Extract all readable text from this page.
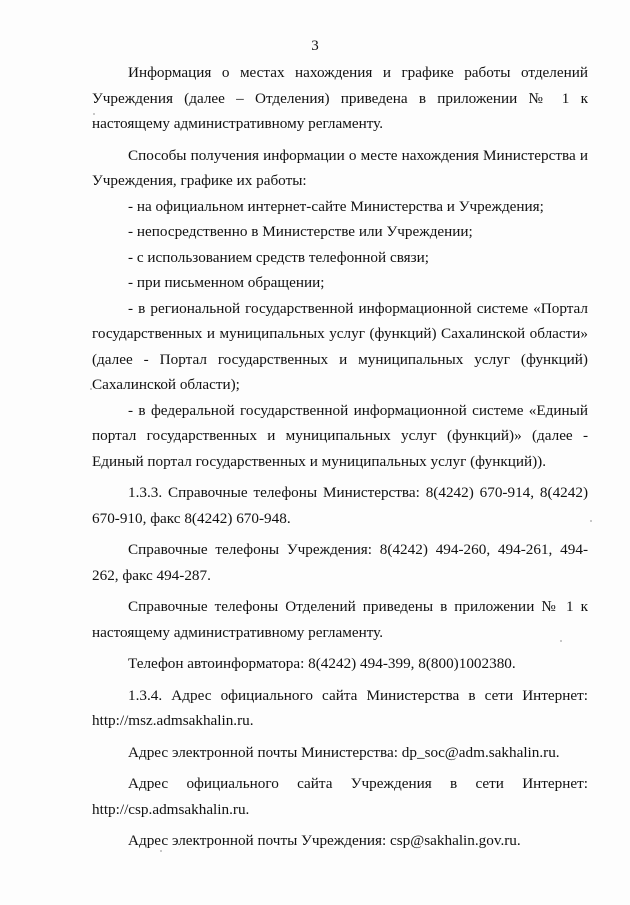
3

Информация о местах нахождения и графике работы отделений Учреждения (далее – Отделения) приведена в приложении № 1 к настоящему административному регламенту.

Способы получения информации о месте нахождения Министерства и Учреждения, графике их работы:

- на официальном интернет-сайте Министерства и Учреждения;

- непосредственно в Министерстве или Учреждении;

- с использованием средств телефонной связи;

- при письменном обращении;

- в региональной государственной информационной системе «Портал государственных и муниципальных услуг (функций) Сахалинской области» (далее - Портал государственных и муниципальных услуг (функций) Сахалинской области);

- в федеральной государственной информационной системе «Единый портал государственных и муниципальных услуг (функций)» (далее - Единый портал государственных и муниципальных услуг (функций)).

1.3.3. Справочные телефоны Министерства: 8(4242) 670-914, 8(4242) 670-910, факс 8(4242) 670-948.

Справочные телефоны Учреждения: 8(4242) 494-260, 494-261, 494-262, факс 494-287.

Справочные телефоны Отделений приведены в приложении № 1 к настоящему административному регламенту.

Телефон автоинформатора: 8(4242) 494-399, 8(800)1002380.

1.3.4. Адрес официального сайта Министерства в сети Интернет: http://msz.admsakhalin.ru.

Адрес электронной почты Министерства: dp_soc@adm.sakhalin.ru.

Адрес официального сайта Учреждения в сети Интернет: http://csp.admsakhalin.ru.

Адрес электронной почты Учреждения: csp@sakhalin.gov.ru.
